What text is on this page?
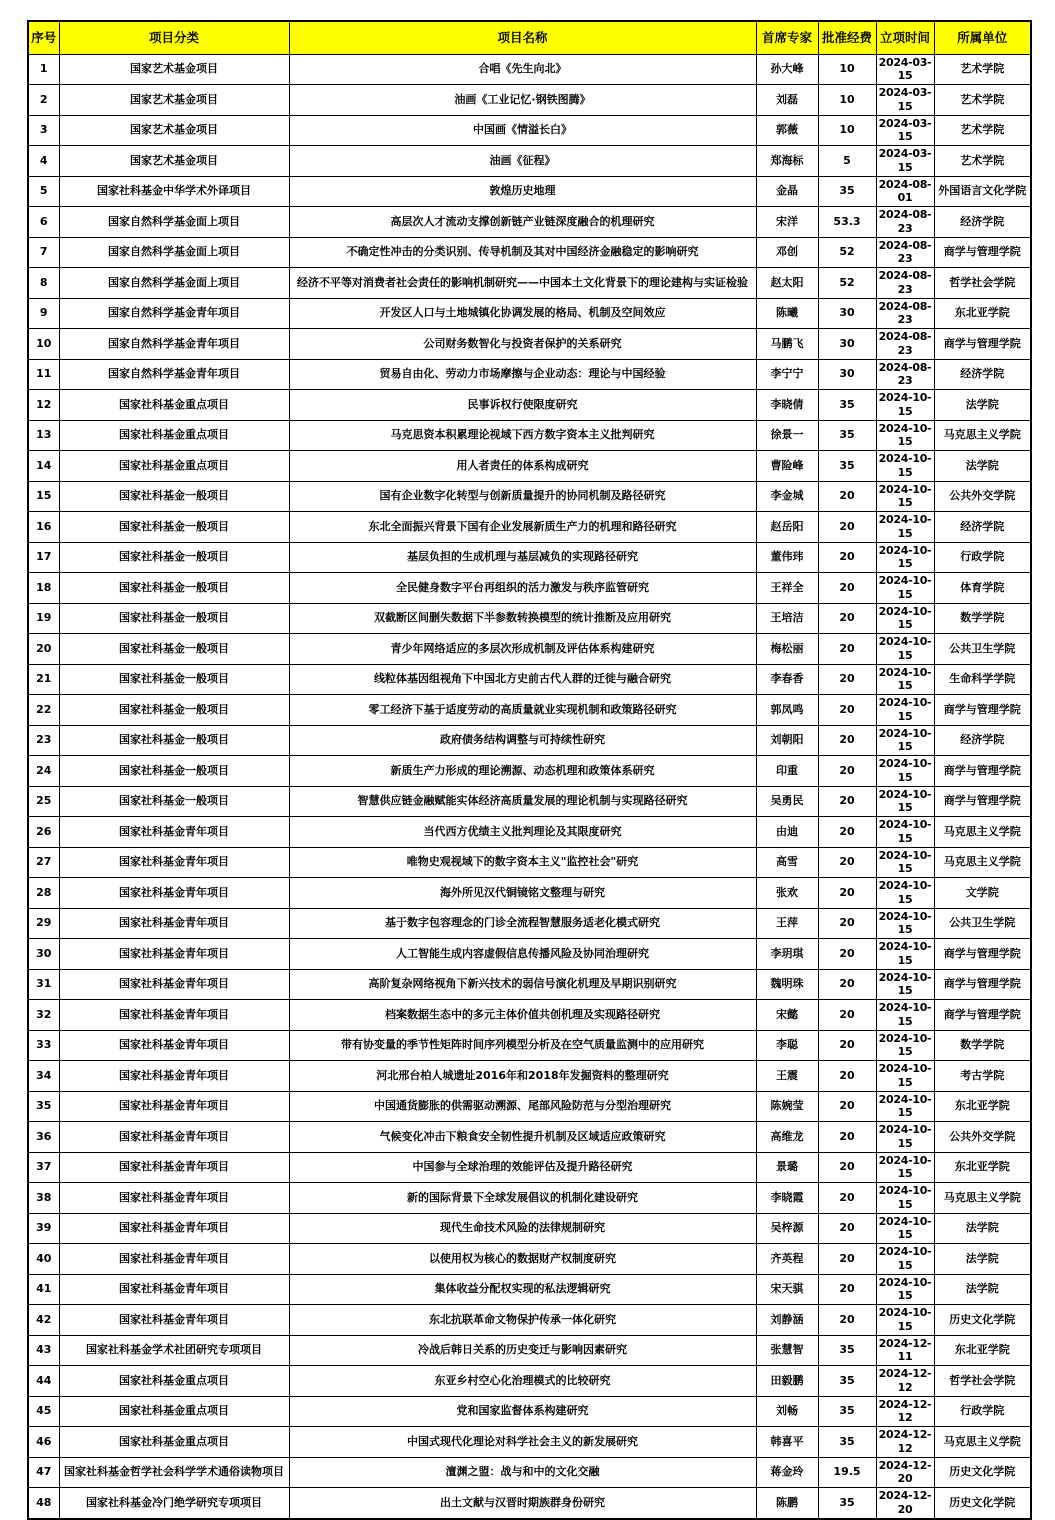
序号	项目分类	项目名称	首席专家	批准经费	立项时间	所属单位
1	国家艺术基金项目	合唱《先生向北》	孙大峰	10	2024-03-15	艺术学院
2	国家艺术基金项目	油画《工业记忆·钢铁图腾》	刘磊	10	2024-03-15	艺术学院
3	国家艺术基金项目	中国画《情溢长白》	郭薇	10	2024-03-15	艺术学院
4	国家艺术基金项目	油画《征程》	郑海标	5	2024-03-15	艺术学院
5	国家社科基金中华学术外译项目	敦煌历史地理	金晶	35	2024-08-01	外国语言文化学院
6	国家自然科学基金面上项目	高层次人才流动支撑创新链产业链深度融合的机理研究	宋洋	53.3	2024-08-23	经济学院
7	国家自然科学基金面上项目	不确定性冲击的分类识别、传导机制及其对中国经济金融稳定的影响研究	邓创	52	2024-08-23	商学与管理学院
8	国家自然科学基金面上项目	经济不平等对消费者社会责任的影响机制研究——中国本土文化背景下的理论建构与实证检验	赵太阳	52	2024-08-23	哲学社会学院
9	国家自然科学基金青年项目	开发区人口与土地城镇化协调发展的格局、机制及空间效应	陈曦	30	2024-08-23	东北亚学院
10	国家自然科学基金青年项目	公司财务数智化与投资者保护的关系研究	马鹏飞	30	2024-08-23	商学与管理学院
11	国家自然科学基金青年项目	贸易自由化、劳动力市场摩擦与企业动态：理论与中国经验	李宁宁	30	2024-08-23	经济学院
12	国家社科基金重点项目	民事诉权行使限度研究	李晓倩	35	2024-10-15	法学院
13	国家社科基金重点项目	马克思资本积累理论视域下西方数字资本主义批判研究	徐景一	35	2024-10-15	马克思主义学院
14	国家社科基金重点项目	用人者责任的体系构成研究	曹险峰	35	2024-10-15	法学院
15	国家社科基金一般项目	国有企业数字化转型与创新质量提升的协同机制及路径研究	李金城	20	2024-10-15	公共外交学院
16	国家社科基金一般项目	东北全面振兴背景下国有企业发展新质生产力的机理和路径研究	赵岳阳	20	2024-10-15	经济学院
17	国家社科基金一般项目	基层负担的生成机理与基层减负的实现路径研究	董伟玮	20	2024-10-15	行政学院
18	国家社科基金一般项目	全民健身数字平台再组织的活力激发与秩序监管研究	王祥全	20	2024-10-15	体育学院
19	国家社科基金一般项目	双截断区间删失数据下半参数转换模型的统计推断及应用研究	王培洁	20	2024-10-15	数学学院
20	国家社科基金一般项目	青少年网络适应的多层次形成机制及评估体系构建研究	梅松丽	20	2024-10-15	公共卫生学院
21	国家社科基金一般项目	线粒体基因组视角下中国北方史前古代人群的迁徙与融合研究	李春香	20	2024-10-15	生命科学学院
22	国家社科基金一般项目	零工经济下基于适度劳动的高质量就业实现机制和政策路径研究	郭凤鸣	20	2024-10-15	商学与管理学院
23	国家社科基金一般项目	政府债务结构调整与可持续性研究	刘朝阳	20	2024-10-15	经济学院
24	国家社科基金一般项目	新质生产力形成的理论溯源、动态机理和政策体系研究	印重	20	2024-10-15	商学与管理学院
25	国家社科基金一般项目	智慧供应链金融赋能实体经济高质量发展的理论机制与实现路径研究	吴勇民	20	2024-10-15	商学与管理学院
26	国家社科基金青年项目	当代西方优绩主义批判理论及其限度研究	由迪	20	2024-10-15	马克思主义学院
27	国家社科基金青年项目	唯物史观视域下的数字资本主义"监控社会"研究	高雪	20	2024-10-15	马克思主义学院
28	国家社科基金青年项目	海外所见汉代铜镜铭文整理与研究	张欢	20	2024-10-15	文学院
29	国家社科基金青年项目	基于数字包容理念的门诊全流程智慧服务适老化模式研究	王萍	20	2024-10-15	公共卫生学院
30	国家社科基金青年项目	人工智能生成内容虚假信息传播风险及协同治理研究	李玥琪	20	2024-10-15	商学与管理学院
31	国家社科基金青年项目	高阶复杂网络视角下新兴技术的弱信号演化机理及早期识别研究	魏明珠	20	2024-10-15	商学与管理学院
32	国家社科基金青年项目	档案数据生态中的多元主体价值共创机理及实现路径研究	宋懿	20	2024-10-15	商学与管理学院
33	国家社科基金青年项目	带有协变量的季节性矩阵时间序列模型分析及在空气质量监测中的应用研究	李聪	20	2024-10-15	数学学院
34	国家社科基金青年项目	河北邢台柏人城遗址2016年和2018年发掘资料的整理研究	王震	20	2024-10-15	考古学院
35	国家社科基金青年项目	中国通货膨胀的供需驱动溯源、尾部风险防范与分型治理研究	陈婉莹	20	2024-10-15	东北亚学院
36	国家社科基金青年项目	气候变化冲击下粮食安全韧性提升机制及区域适应政策研究	高维龙	20	2024-10-15	公共外交学院
37	国家社科基金青年项目	中国参与全球治理的效能评估及提升路径研究	景璐	20	2024-10-15	东北亚学院
38	国家社科基金青年项目	新的国际背景下全球发展倡议的机制化建设研究	李晓霞	20	2024-10-15	马克思主义学院
39	国家社科基金青年项目	现代生命技术风险的法律规制研究	吴梓源	20	2024-10-15	法学院
40	国家社科基金青年项目	以使用权为核心的数据财产权制度研究	齐英程	20	2024-10-15	法学院
41	国家社科基金青年项目	集体收益分配权实现的私法逻辑研究	宋天骐	20	2024-10-15	法学院
42	国家社科基金青年项目	东北抗联革命文物保护传承一体化研究	刘静涵	20	2024-10-15	历史文化学院
43	国家社科基金学术社团研究专项项目	冷战后韩日关系的历史变迁与影响因素研究	张慧智	35	2024-12-11	东北亚学院
44	国家社科基金重点项目	东亚乡村空心化治理模式的比较研究	田毅鹏	35	2024-12-12	哲学社会学院
45	国家社科基金重点项目	党和国家监督体系构建研究	刘畅	35	2024-12-12	行政学院
46	国家社科基金重点项目	中国式现代化理论对科学社会主义的新发展研究	韩喜平	35	2024-12-12	马克思主义学院
47	国家社科基金哲学社会科学学术通俗读物项目	澶渊之盟：战与和中的文化交融	蒋金玲	19.5	2024-12-20	历史文化学院
48	国家社科基金冷门绝学研究专项项目	出土文献与汉晋时期族群身份研究	陈鹏	35	2024-12-20	历史文化学院
